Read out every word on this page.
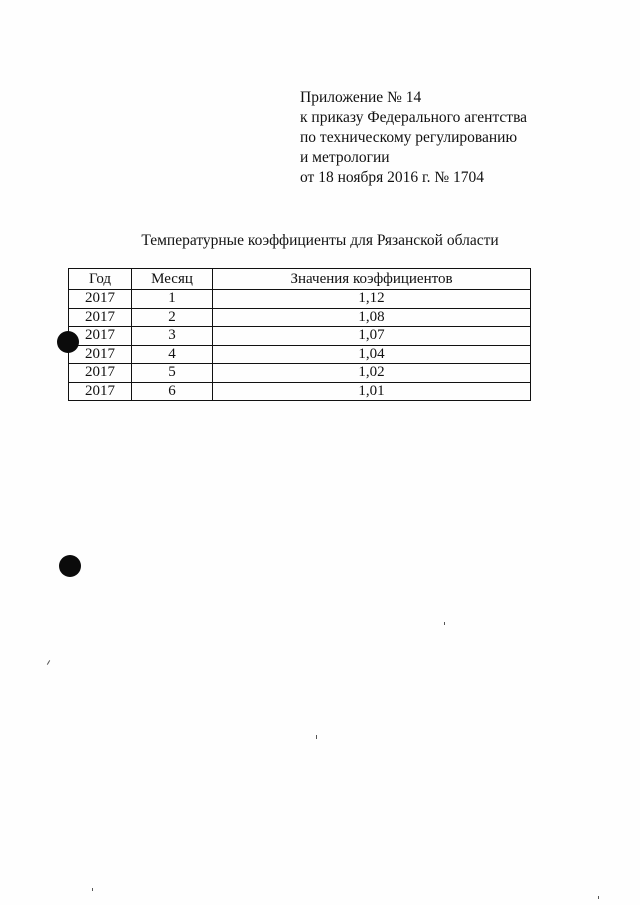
Приложение № 14
к приказу Федерального агентства
по техническому регулированию
и метрологии
от 18 ноября 2016 г. № 1704
Температурные коэффициенты для Рязанской области
Год	Месяц	Значения коэффициентов
2017	1	1,12
2017	2	1,08
2017	3	1,07
2017	4	1,04
2017	5	1,02
2017	6	1,01
